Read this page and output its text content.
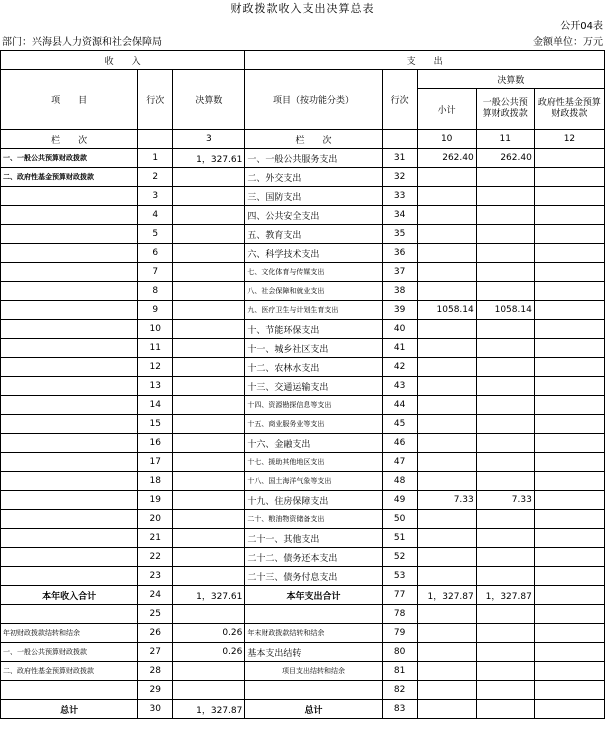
财政拨款收入支出决算总表
公开04表
部门：兴海县人力资源和社会保障局	金额单位：万元
收　　入			支　　出				
项　　目	行次	决算数	项目（按功能分类）	行次	决算数		
					小计	一般公共预算财政拨款	政府性基金预算财政拨款
栏　　次		3	栏　　次		10	11	12
一、一般公共预算财政拨款	1	1，327.61	一、一般公共服务支出	31	262.40	262.40	
二、政府性基金预算财政拨款	2		二、外交支出	32			
	3		三、国防支出	33			
	4		四、公共安全支出	34			
	5		五、教育支出	35			
	6		六、科学技术支出	36			
	7		七、文化体育与传媒支出	37			
	8		八、社会保障和就业支出	38			
	9		九、医疗卫生与计划生育支出	39	1058.14	1058.14	
	10		十、节能环保支出	40			
	11		十一、城乡社区支出	41			
	12		十二、农林水支出	42			
	13		十三、交通运输支出	43			
	14		十四、资源勘探信息等支出	44			
	15		十五、商业服务业等支出	45			
	16		十六、金融支出	46			
	17		十七、援助其他地区支出	47			
	18		十八、国土海洋气象等支出	48			
	19		十九、住房保障支出	49	7.33	7.33	
	20		二十、粮油物资储备支出	50			
	21		二十一、其他支出	51			
	22		二十二、债务还本支出	52			
	23		二十三、债务付息支出	53			
本年收入合计	24	1，327.61	本年支出合计	77	1，327.87	1，327.87	
	25			78			
年初财政拨款结转和结余	26	0.26	年末财政拨款结转和结余	79			
一、一般公共预算财政拨款	27	0.26	基本支出结转	80			
二、政府性基金预算财政拨款	28		项目支出结转和结余	81			
	29			82			
总计	30	1，327.87	总计	83			
